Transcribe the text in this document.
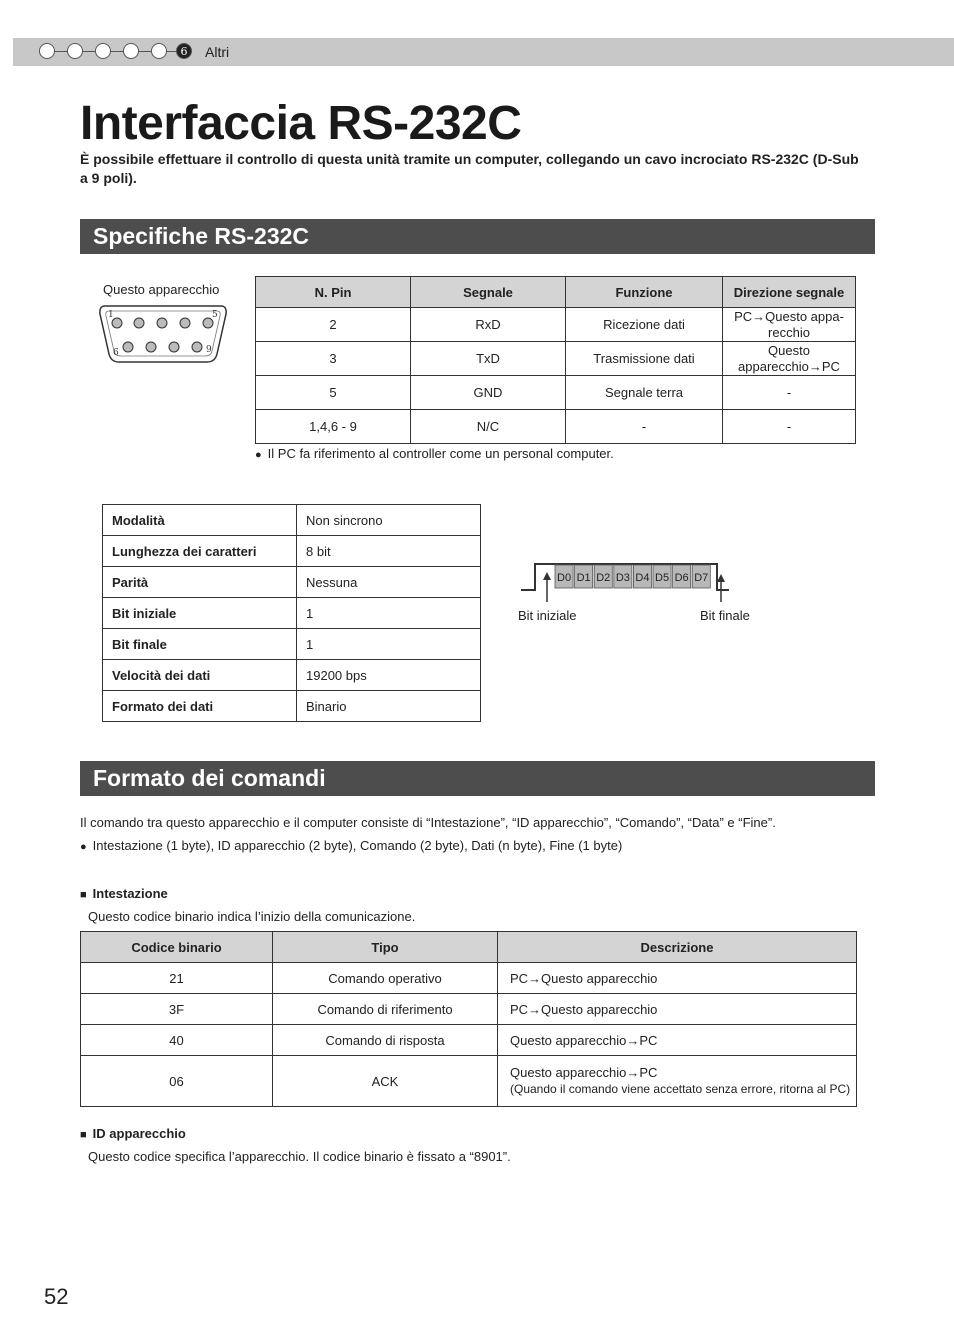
6	Altri
Interfaccia RS-232C
È possibile effettuare il controllo di questa unità tramite un computer, collegando un cavo incrociato RS-232C (D-Sub a 9 poli).
Specifiche RS-232C
Questo apparecchio
1	5
6	9
N. Pin	Segnale	Funzione	Direzione segnale
2	RxD	Ricezione dati	PC→Questo appa-recchio
3	TxD	Trasmissione dati	Questo apparecchio→PC
5	GND	Segnale terra	-
1,4,6 - 9	N/C	-	-
● Il PC fa riferimento al controller come un personal computer.
Modalità	Non sincrono
Lunghezza dei caratteri	8 bit
Parità	Nessuna
Bit iniziale	1
Bit finale	1
Velocità dei dati	19200 bps
Formato dei dati	Binario
D0 D1 D2 D3 D4 D5 D6 D7
Bit iniziale	Bit finale
Formato dei comandi
Il comando tra questo apparecchio e il computer consiste di “Intestazione”, “ID apparecchio”, “Comando”, “Data” e “Fine”.
● Intestazione (1 byte), ID apparecchio (2 byte), Comando (2 byte), Dati (n byte), Fine (1 byte)
■ Intestazione
Questo codice binario indica l’inizio della comunicazione.
Codice binario	Tipo	Descrizione
21	Comando operativo	PC→Questo apparecchio
3F	Comando di riferimento	PC→Questo apparecchio
40	Comando di risposta	Questo apparecchio→PC
06	ACK	Questo apparecchio→PC
(Quando il comando viene accettato senza errore, ritorna al PC)
■ ID apparecchio
Questo codice specifica l’apparecchio. Il codice binario è fissato a “8901”.
52
